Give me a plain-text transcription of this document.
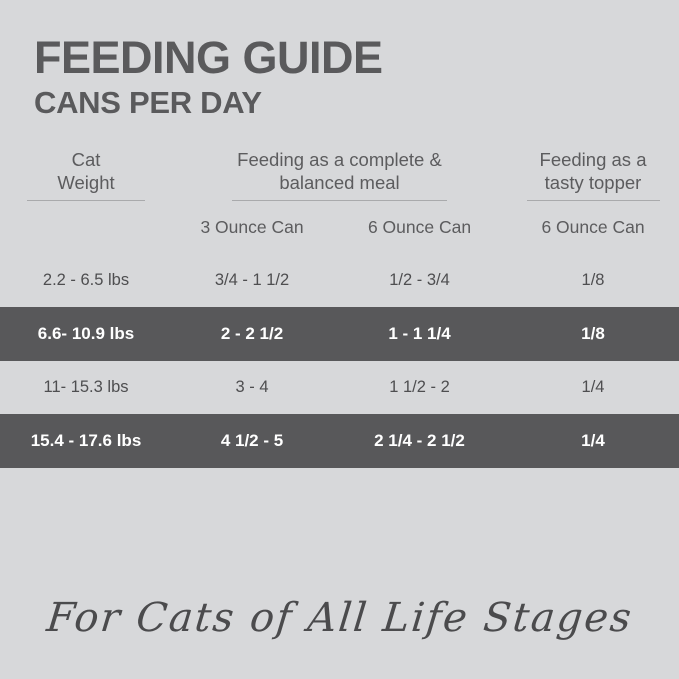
FEEDING GUIDE
CANS PER DAY
Cat
Weight

Feeding as a complete &
balanced meal

Feeding as a
tasty topper

	3 Ounce Can	6 Ounce Can	6 Ounce Can
2.2 - 6.5 lbs	3/4 - 1 1/2	1/2 - 3/4	1/8
6.6- 10.9 lbs	2 - 2 1/2	1 - 1 1/4	1/8
11- 15.3 lbs	3 - 4	1 1/2 - 2	1/4
15.4 - 17.6 lbs	4 1/2 - 5	2 1/4 - 2 1/2	1/4
For Cats of All Life Stages
